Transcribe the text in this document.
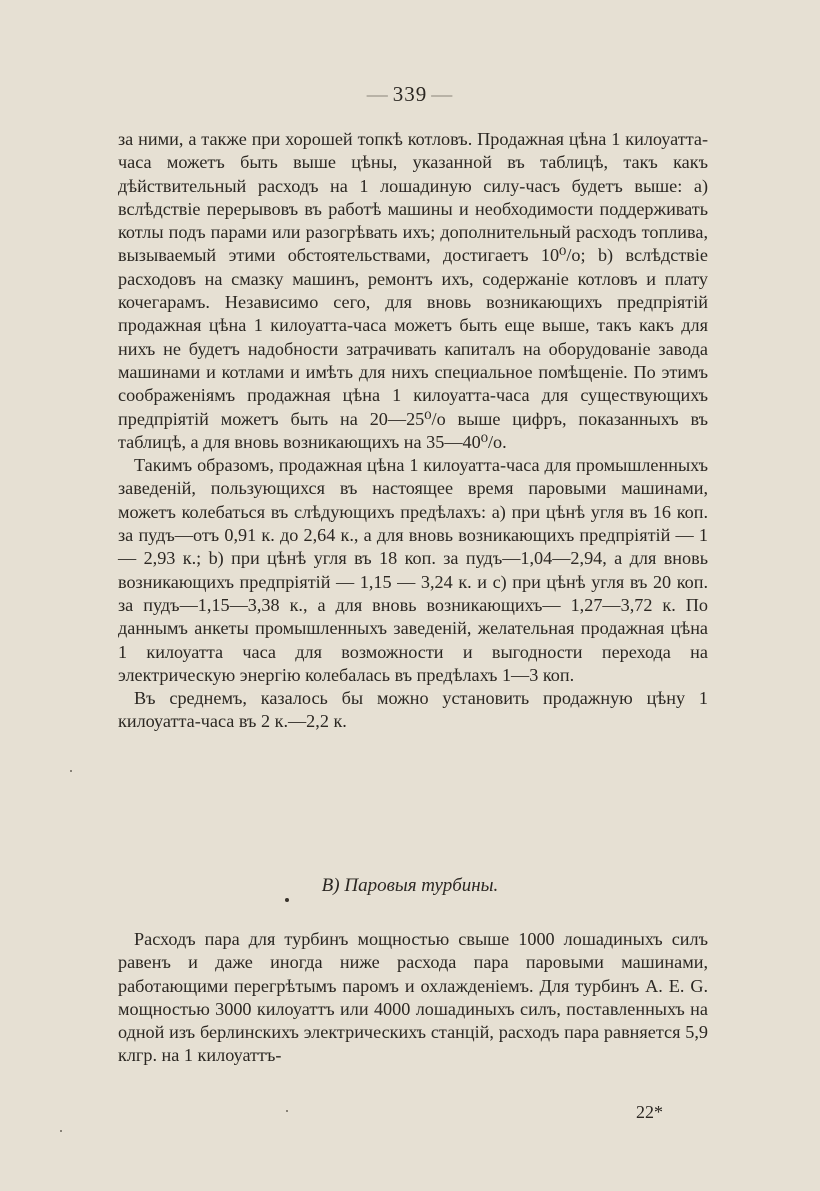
— 339 —

за ними, а также при хорошей топкѣ котловъ. Продажная цѣна 1 килоуатта-часа можетъ быть выше цѣны, указанной въ таблицѣ, такъ какъ дѣйствительный расходъ на 1 лошадиную силу-часъ будетъ выше: а) вслѣдствіе перерывовъ въ работѣ машины и необходимости поддерживать котлы подъ парами или разогрѣвать ихъ; дополнительный расходъ топлива, вызываемый этими обстоятельствами, достигаетъ 10⁰/о; b) вслѣдствіе расходовъ на смазку машинъ, ремонтъ ихъ, содержаніе котловъ и плату кочегарамъ. Независимо сего, для вновь возникающихъ предпріятій продажная цѣна 1 килоуатта-часа можетъ быть еще выше, такъ какъ для нихъ не будетъ надобности затрачивать капиталъ на оборудованіе завода машинами и котлами и имѣть для нихъ специальное помѣщеніе. По этимъ соображеніямъ продажная цѣна 1 килоуатта-часа для существующихъ предпріятій можетъ быть на 20—25⁰/о выше цифръ, показанныхъ въ таблицѣ, а для вновь возникающихъ на 35—40⁰/о.

Такимъ образомъ, продажная цѣна 1 килоуатта-часа для промышленныхъ заведеній, пользующихся въ настоящее время паровыми машинами, можетъ колебаться въ слѣдующихъ предѣлахъ: а) при цѣнѣ угля въ 16 коп. за пудъ—отъ 0,91 к. до 2,64 к., а для вновь возникающихъ предпріятій — 1 — 2,93 к.; b) при цѣнѣ угля въ 18 коп. за пудъ—1,04—2,94, а для вновь возникающихъ предпріятій — 1,15 — 3,24 к. и с) при цѣнѣ угля въ 20 коп. за пудъ—1,15—3,38 к., а для вновь возникающихъ— 1,27—3,72 к. По даннымъ анкеты промышленныхъ заведеній, желательная продажная цѣна 1 килоуатта часа для возможности и выгодности перехода на электрическую энергію колебалась въ предѣлахъ 1—3 коп.

Въ среднемъ, казалось бы можно установить продажную цѣну 1 килоуатта-часа въ 2 к.—2,2 к.

В) Паровыя турбины.

Расходъ пара для турбинъ мощностью свыше 1000 лошадиныхъ силъ равенъ и даже иногда ниже расхода пара паровыми машинами, работающими перегрѣтымъ паромъ и охлажденіемъ. Для турбинъ А. Е. G. мощностью 3000 килоуаттъ или 4000 лошадиныхъ силъ, поставленныхъ на одной изъ берлинскихъ электрическихъ станцій, расходъ пара равняется 5,9 клгр. на 1 килоуаттъ-

22*
